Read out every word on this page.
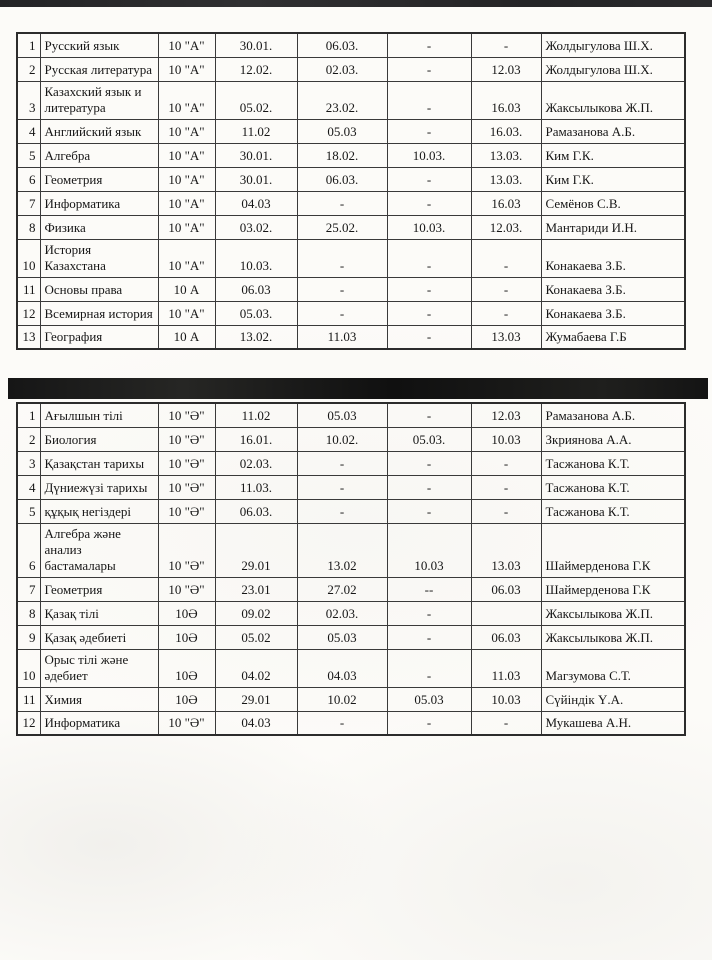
1	Русский язык	10 "А"	30.01.	06.03.	-	-	Жолдыгулова Ш.Х.
2	Русская литература	10 "А"	12.02.	02.03.	-	12.03	Жолдыгулова Ш.Х.
3	Казахский язык и литература	10 "А"	05.02.	23.02.	-	16.03	Жаксылыкова Ж.П.
4	Английский язык	10 "А"	11.02	05.03	-	16.03.	Рамазанова А.Б.
5	Алгебра	10 "А"	30.01.	18.02.	10.03.	13.03.	Ким Г.К.
6	Геометрия	10 "А"	30.01.	06.03.	-	13.03.	Ким Г.К.
7	Информатика	10 "А"	04.03	-	-	16.03	Семёнов С.В.
8	Физика	10 "А"	03.02.	25.02.	10.03.	12.03.	Мантариди И.Н.
10	История Казахстана	10 "А"	10.03.	-	-	-	Конакаева З.Б.
11	Основы права	10 А	06.03	-	-	-	Конакаева З.Б.
12	Всемирная история	10 "А"	05.03.	-	-	-	Конакаева З.Б.
13	География	10 А	13.02.	11.03	-	13.03	Жумабаева Г.Б
1	Ағылшын тілі	10 "Ә"	11.02	05.03	-	12.03	Рамазанова А.Б.
2	Биология	10 "Ә"	16.01.	10.02.	05.03.	10.03	Зкриянова А.А.
3	Қазақстан тарихы	10 "Ә"	02.03.	-	-	-	Тасжанова К.Т.
4	Дүниежүзі тарихы	10 "Ә"	11.03.	-	-	-	Тасжанова К.Т.
5	құқық негіздері	10 "Ә"	06.03.	-	-	-	Тасжанова К.Т.
6	Алгебра және анализ бастамалары	10 "Ә"	29.01	13.02	10.03	13.03	Шаймерденова Г.К
7	Геометрия	10 "Ә"	23.01	27.02	--	06.03	Шаймерденова Г.К
8	Қазақ тілі	10Ә	09.02	02.03.	-		Жаксылыкова Ж.П.
9	Қазақ әдебиеті	10Ә	05.02	05.03	-	06.03	Жаксылыкова Ж.П.
10	Орыс тілі және әдебиет	10Ә	04.02	04.03	-	11.03	Магзумова С.Т.
11	Химия	10Ә	29.01	10.02	05.03	10.03	Сүйіндік Ү.А.
12	Информатика	10 "Ә"	04.03	-	-	-	Мукашева А.Н.
